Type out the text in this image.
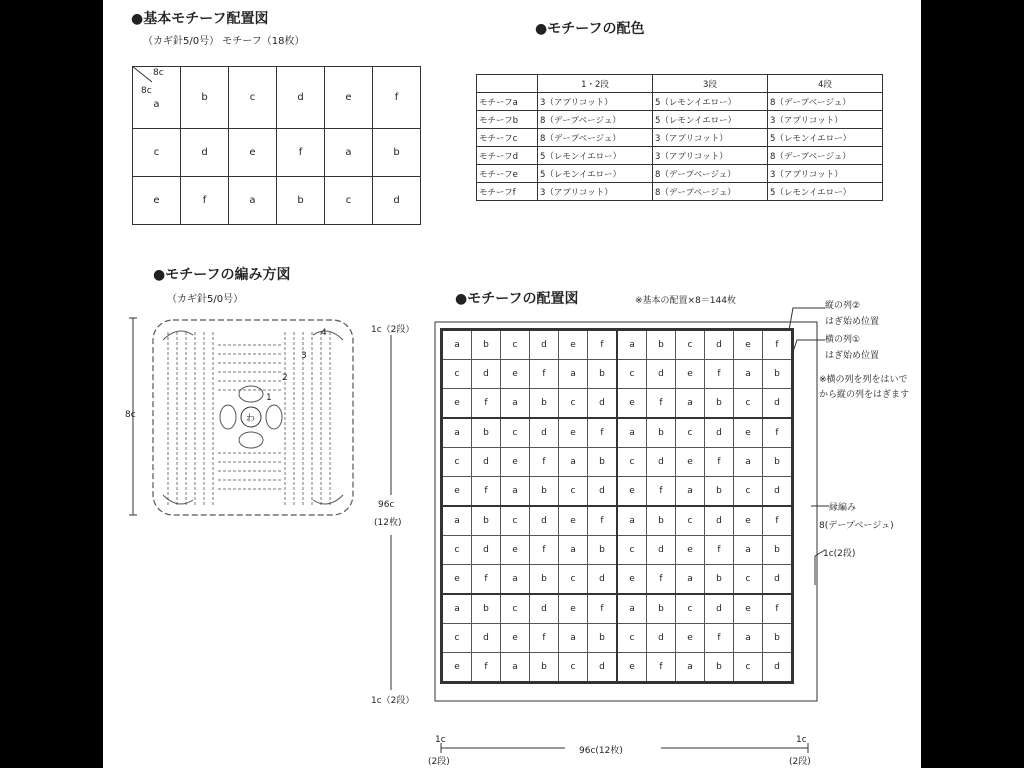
●基本モチーフ配置図
（カギ針5/0号） モチーフ（18枚）
a	b	c	d	e	f
c	d	e	f	a	b
e	f	a	b	c	d
8c
8c
●モチーフの配色
	1・2段	3段	4段
モチーフa	3（アプリコット）	5（レモンイエロー）	8（デープベージュ）
モチーフb	8（デープベージュ）	5（レモンイエロー）	3（アプリコット）
モチーフc	8（デープベージュ）	3（アプリコット）	5（レモンイエロー）
モチーフd	5（レモンイエロー）	3（アプリコット）	8（デープベージュ）
モチーフe	5（レモンイエロー）	8（デープベージュ）	3（アプリコット）
モチーフf	3（アプリコット）	8（デープベージュ）	5（レモンイエロー）
●モチーフの編み方図
（カギ針5/0号）
8c	わ
1
2
3
4
●モチーフの配置図	※基本の配置×8＝144枚
1c（2段）
1c（2段）
96c
(12枚)
a	b	c	d	e	f	a	b	c	d	e	f
c	d	e	f	a	b	c	d	e	f	a	b
e	f	a	b	c	d	e	f	a	b	c	d
a	b	c	d	e	f	a	b	c	d	e	f
c	d	e	f	a	b	c	d	e	f	a	b
e	f	a	b	c	d	e	f	a	b	c	d
a	b	c	d	e	f	a	b	c	d	e	f
c	d	e	f	a	b	c	d	e	f	a	b
e	f	a	b	c	d	e	f	a	b	c	d
a	b	c	d	e	f	a	b	c	d	e	f
c	d	e	f	a	b	c	d	e	f	a	b
e	f	a	b	c	d	e	f	a	b	c	d
縦の列②
はぎ始め位置
横の列①
はぎ始め位置
※横の列を列をはいで
から縦の列をはぎます
縁編み
8(デープベージュ)
1c(2段)
96c(12枚)
1c
(2段)
1c
(2段)
